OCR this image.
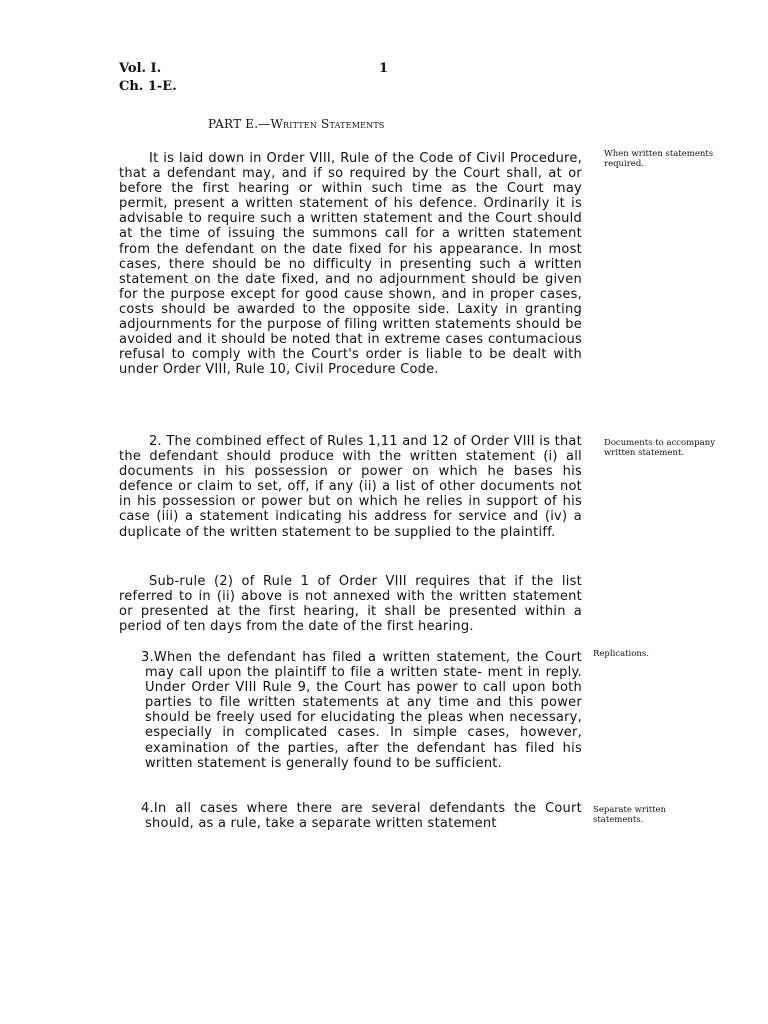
Vol. I.
Ch. 1-E.
1
PART E.—Written Statements

It is laid down in Order VIII, Rule of the Code of Civil Procedure, that a defendant may, and if so required by the Court shall, at or before the first hearing or within such time as the Court may permit, present a written statement of his defence. Ordinarily it is advisable to require such a written statement and the Court should at the time of issuing the summons call for a written statement from the defendant on the date fixed for his appearance. In most cases, there should be no difficulty in presenting such a written statement on the date fixed, and no adjournment should be given for the purpose except for good cause shown, and in proper cases, costs should be awarded to the opposite side. Laxity in granting adjournments for the purpose of filing written statements should be avoided and it should be noted that in extreme cases contumacious refusal to comply with the Court's order is liable to be dealt with under Order VIII, Rule 10, Civil Procedure Code.

When written statements required.

2. The combined effect of Rules 1,11 and 12 of Order VIII is that the defendant should produce with the written statement (i) all documents in his possession or power on which he bases his defence or claim to set, off, if any (ii) a list of other documents not in his possession or power but on which he relies in support of his case (iii) a statement indicating his address for service and (iv) a duplicate of the written statement to be supplied to the plaintiff.

Documents to accompany written statement.

Sub-rule (2) of Rule 1 of Order VIII requires that if the list referred to in (ii) above is not annexed with the written statement or presented at the first hearing, it shall be presented within a period of ten days from the date of the first hearing.

3.When the defendant has filed a written statement, the Court may call upon the plaintiff to file a written state- ment in reply. Under Order VIII Rule 9, the Court has power to call upon both parties to file written statements at any time and this power should be freely used for elucidating the pleas when necessary, especially in complicated cases. In simple cases, however, examination of the parties, after the defendant has filed his written statement is generally found to be sufficient.

Replications.

4.In all cases where there are several defendants the Court should, as a rule, take a separate written statement

Separate written statements.
